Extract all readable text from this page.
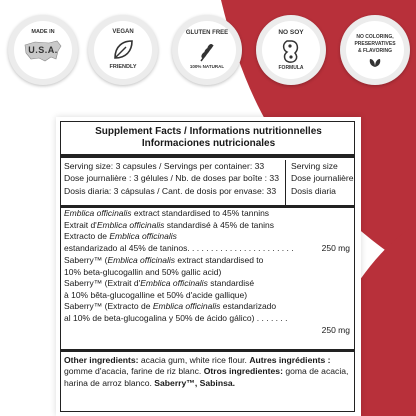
MADE IN
U.S.A.
VEGAN
FRIENDLY
GLUTEN FREE
100% NATURAL
NO SOY
FORMULA
NO COLORING,
PRESERVATIVES
& FLAVORING
Supplement Facts / Informations nutritionnelles
Informaciones nutricionales
Serving size: 3 capsules / Servings per container: 33
Dose journalière : 3 gélules / Nb. de doses par boîte : 33
Dosis diaria: 3 cápsulas / Cant. de dosis por envase: 33
Serving size
Dose journalière
Dosis diaria
Emblica officinalis extract standardised to 45% tannins
Extrait d'Emblica officinalis standardisé à 45% de tanins
Extracto de Emblica officinalis
estandarizado al 45% de taninos. . . . . . . . . . . . . . . . . . . . . . .	250 mg
Saberry™ (Emblica officinalis extract standardised to
10% beta-glucogallin and 50% gallic acid)
Saberry™ (Extrait d'Emblica officinalis standardisé
à 10% bêta-glucogalline et 50% d'acide gallique)
Saberry™ (Extracto de Emblica officinalis estandarizado
al 10% de beta-glucogalina y 50% de ácido gálico) . . . . . . .
250 mg
Other ingredients: acacia gum, white rice flour. Autres ingrédients : gomme d'acacia, farine de riz blanc. Otros ingredientes: goma de acacia, harina de arroz blanco. Saberry™, Sabinsa.
